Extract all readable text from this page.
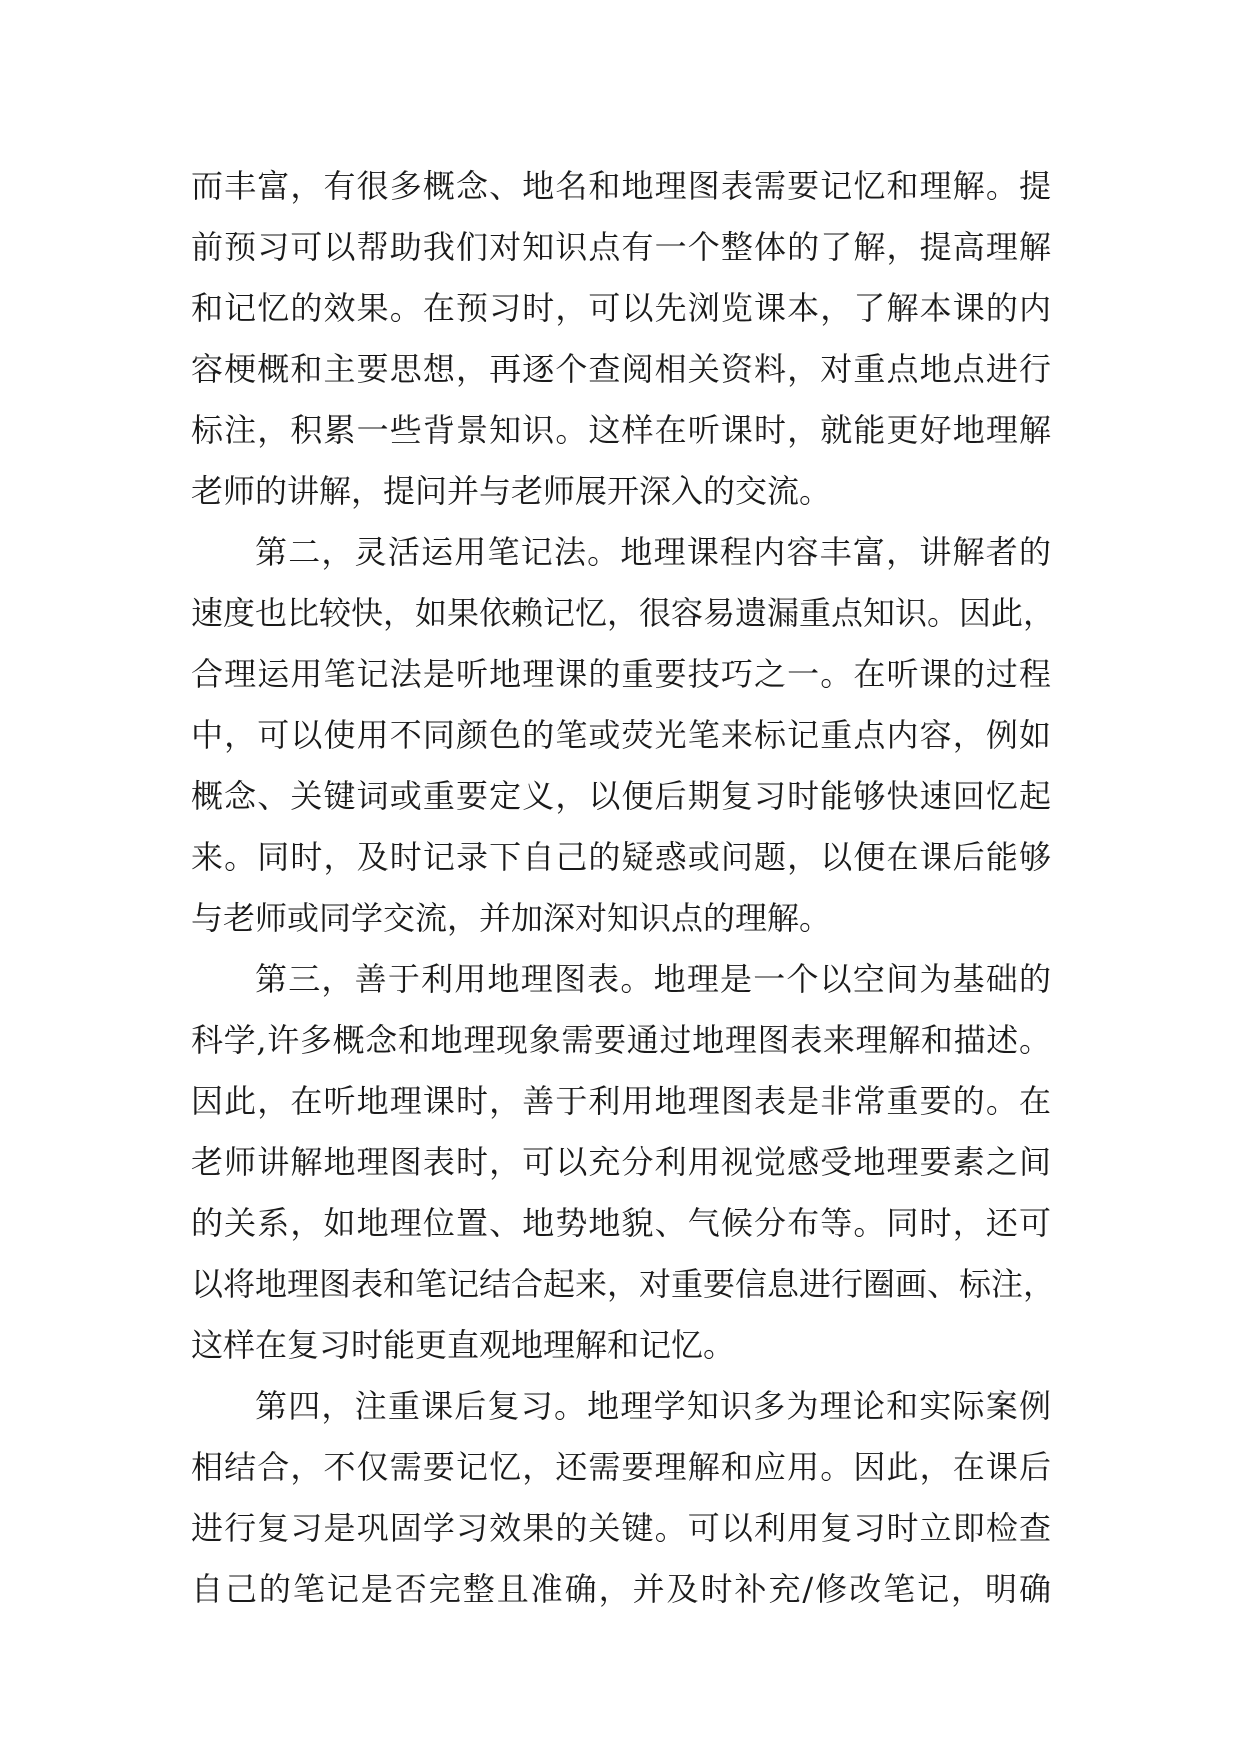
而丰富，有很多概念、地名和地理图表需要记忆和理解。提
前预习可以帮助我们对知识点有一个整体的了解，提高理解
和记忆的效果。在预习时，可以先浏览课本，了解本课的内
容梗概和主要思想，再逐个查阅相关资料，对重点地点进行
标注，积累一些背景知识。这样在听课时，就能更好地理解
老师的讲解，提问并与老师展开深入的交流。
第二，灵活运用笔记法。地理课程内容丰富，讲解者的
速度也比较快，如果依赖记忆，很容易遗漏重点知识。因此，
合理运用笔记法是听地理课的重要技巧之一。在听课的过程
中，可以使用不同颜色的笔或荧光笔来标记重点内容，例如
概念、关键词或重要定义，以便后期复习时能够快速回忆起
来。同时，及时记录下自己的疑惑或问题，以便在课后能够
与老师或同学交流，并加深对知识点的理解。
第三，善于利用地理图表。地理是一个以空间为基础的
科学,许多概念和地理现象需要通过地理图表来理解和描述。
因此，在听地理课时，善于利用地理图表是非常重要的。在
老师讲解地理图表时，可以充分利用视觉感受地理要素之间
的关系，如地理位置、地势地貌、气候分布等。同时，还可
以将地理图表和笔记结合起来，对重要信息进行圈画、标注，
这样在复习时能更直观地理解和记忆。
第四，注重课后复习。地理学知识多为理论和实际案例
相结合，不仅需要记忆，还需要理解和应用。因此，在课后
进行复习是巩固学习效果的关键。可以利用复习时立即检查
自己的笔记是否完整且准确，并及时补充/修改笔记，明确
